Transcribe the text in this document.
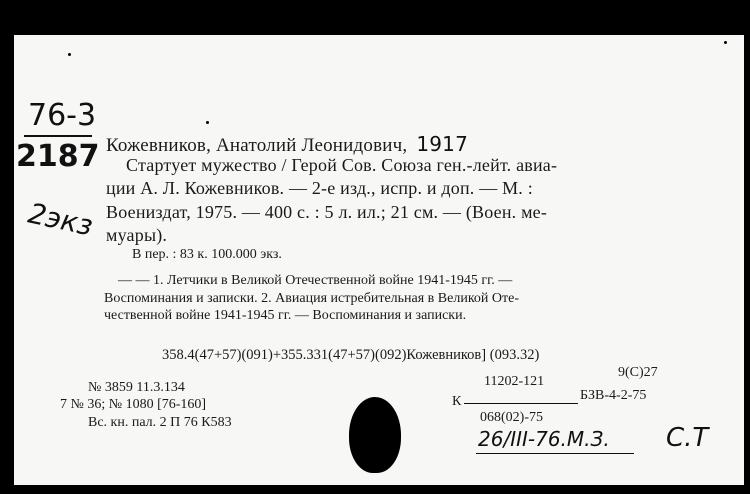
76-3
2187
2экз
Кожевников, Анатолий Леонидович, 1917
Стартует мужество / Герой Сов. Союза ген.-лейт. авиа-
ции А. Л. Кожевников. — 2-е изд., испр. и доп. — М. :
Воениздат, 1975. — 400 с. : 5 л. ил.; 21 см. — (Воен. ме-
муары).
В пер. : 83 к. 100.000 экз.
— — 1. Летчики в Великой Отечественной войне 1941-1945 гг. —
Воспоминания и записки. 2. Авиация истребительная в Великой Оте-
чественной войне 1941-1945 гг. — Воспоминания и записки.
358.4(47+57)(091)+355.331(47+57)(092)Кожевников] (093.32)
9(С)27
№ 3859 11.3.134
7 № 36; № 1080 [76-160]
Вс. кн. пал. 2 П 76 К583
11202-121
К	БЗВ-4-2-75
068(02)-75
26/III-76.М.З. С.Т
